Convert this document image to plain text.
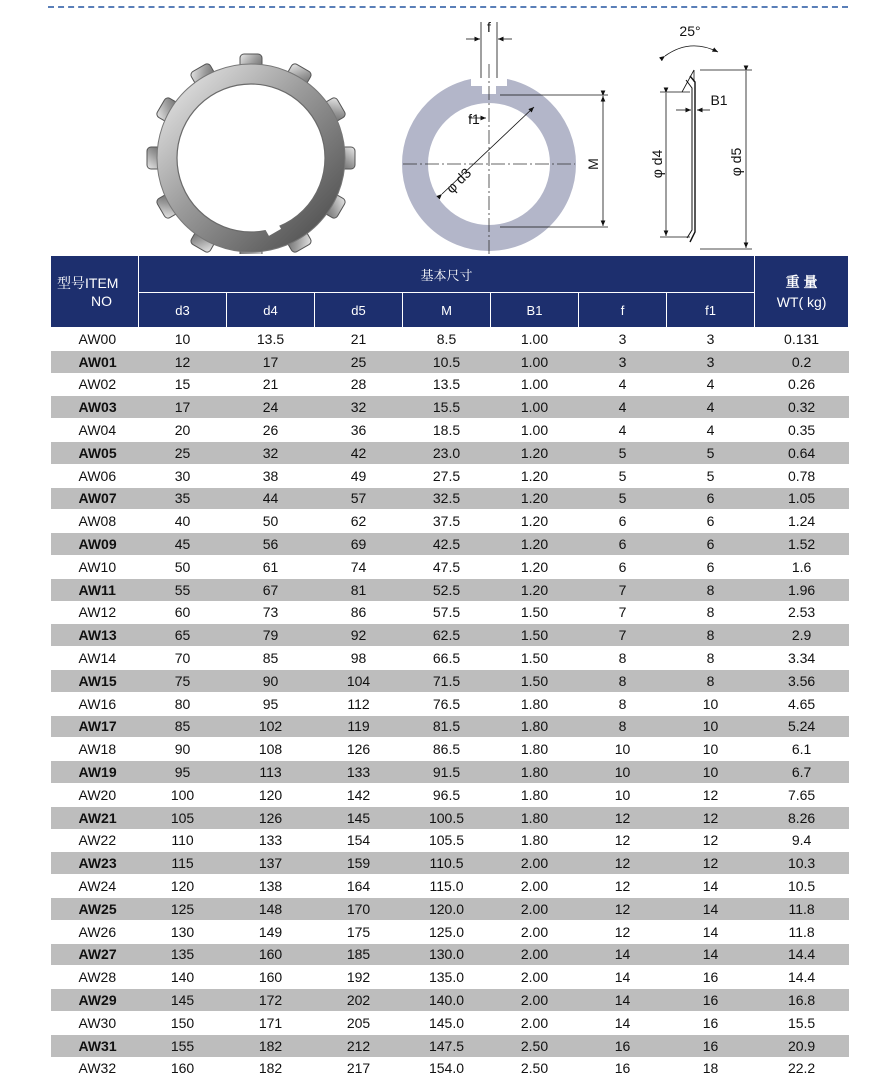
f
f1
φ d3
M
25°
B1
φ d4	φ d5
型号ITEM
NO	基本尺寸							重 量
WT( kg)
	d3	d4	d5	M	B1	f	f1	
AW00	10	13.5	21	8.5	1.00	3	3	0.131
AW01	12	17	25	10.5	1.00	3	3	0.2
AW02	15	21	28	13.5	1.00	4	4	0.26
AW03	17	24	32	15.5	1.00	4	4	0.32
AW04	20	26	36	18.5	1.00	4	4	0.35
AW05	25	32	42	23.0	1.20	5	5	0.64
AW06	30	38	49	27.5	1.20	5	5	0.78
AW07	35	44	57	32.5	1.20	5	6	1.05
AW08	40	50	62	37.5	1.20	6	6	1.24
AW09	45	56	69	42.5	1.20	6	6	1.52
AW10	50	61	74	47.5	1.20	6	6	1.6
AW11	55	67	81	52.5	1.20	7	8	1.96
AW12	60	73	86	57.5	1.50	7	8	2.53
AW13	65	79	92	62.5	1.50	7	8	2.9
AW14	70	85	98	66.5	1.50	8	8	3.34
AW15	75	90	104	71.5	1.50	8	8	3.56
AW16	80	95	112	76.5	1.80	8	10	4.65
AW17	85	102	119	81.5	1.80	8	10	5.24
AW18	90	108	126	86.5	1.80	10	10	6.1
AW19	95	113	133	91.5	1.80	10	10	6.7
AW20	100	120	142	96.5	1.80	10	12	7.65
AW21	105	126	145	100.5	1.80	12	12	8.26
AW22	110	133	154	105.5	1.80	12	12	9.4
AW23	115	137	159	110.5	2.00	12	12	10.3
AW24	120	138	164	115.0	2.00	12	14	10.5
AW25	125	148	170	120.0	2.00	12	14	11.8
AW26	130	149	175	125.0	2.00	12	14	11.8
AW27	135	160	185	130.0	2.00	14	14	14.4
AW28	140	160	192	135.0	2.00	14	16	14.4
AW29	145	172	202	140.0	2.00	14	16	16.8
AW30	150	171	205	145.0	2.00	14	16	15.5
AW31	155	182	212	147.5	2.50	16	16	20.9
AW32	160	182	217	154.0	2.50	16	18	22.2
